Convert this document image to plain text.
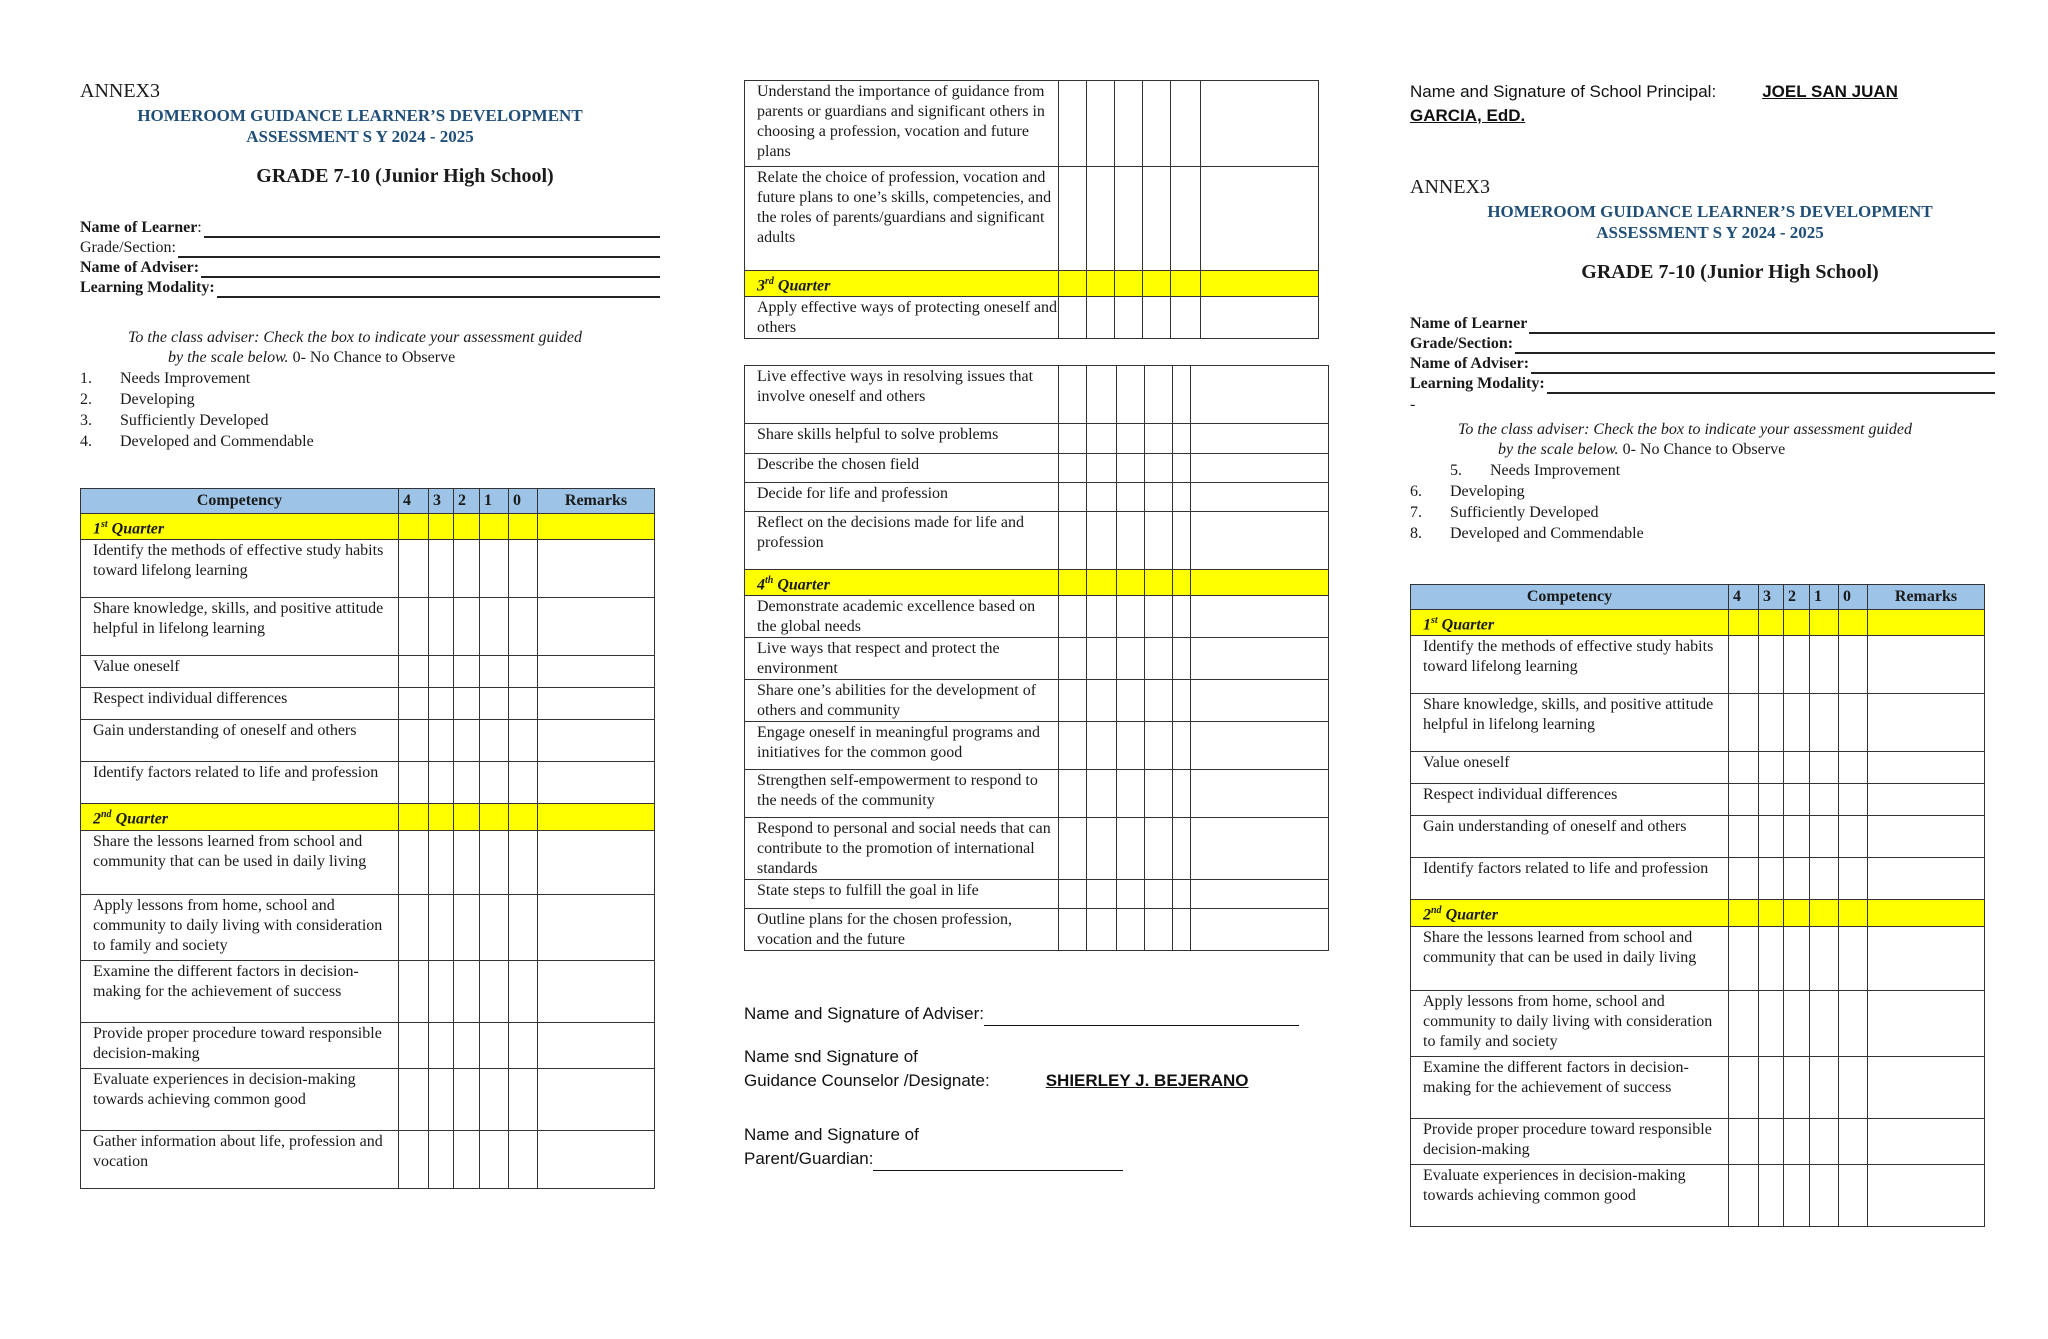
ANNEX3
HOMEROOM GUIDANCE LEARNER’S DEVELOPMENT
ASSESSMENT S Y 2024 - 2025
GRADE 7-10 (Junior High School)
Name of Learner :
Grade/Section:
Name of Adviser:
Learning Modality:
To the class adviser: Check the box to indicate your assessment guided
by the scale below. 0- No Chance to Observe
1.	Needs Improvement
2.	Developing
3.	Sufficiently Developed
4.	Developed and Commendable
Competency	4	3	2	1	0	Remarks
1st Quarter						
Identify the methods of effective study habits toward lifelong learning						
Share knowledge, skills, and positive attitude helpful in lifelong learning						
Value oneself						
Respect individual differences						
Gain understanding of oneself and others						
Identify factors related to life and profession						
2nd Quarter						
Share the lessons learned from school and community that can be used in daily living						
Apply lessons from home, school and community to daily living with consideration to family and society						
Examine the different factors in decision-making for the achievement of success						
Provide proper procedure toward responsible decision-making						
Evaluate experiences in decision-making towards achieving common good						
Gather information about life, profession and vocation						
Understand the importance of guidance from parents or guardians and significant others in choosing a profession, vocation and future plans						
Relate the choice of profession, vocation and future plans to one’s skills, competencies, and the roles of parents/guardians and significant adults						
3rd Quarter						
Apply effective ways of protecting oneself and others						
Live effective ways in resolving issues that involve oneself and others						
Share skills helpful to solve problems						
Describe the chosen field						
Decide for life and profession						
Reflect on the decisions made for life and profession						
4th Quarter						
Demonstrate academic excellence based on the global needs						
Live ways that respect and protect the environment						
Share one’s abilities for the development of others and community						
Engage oneself in meaningful programs and initiatives for the common good						
Strengthen self-empowerment to respond to the needs of the community						
Respond to personal and social needs that can contribute to the promotion of international standards						
State steps to fulfill the goal in life						
Outline plans for the chosen profession, vocation and the future						
Name and Signature of Adviser:
Name snd Signature of
Guidance Counselor /Designate:	SHIERLEY J. BEJERANO
Name and Signature of
Parent/Guardian:
Name and Signature of School Principal:	JOEL SAN JUAN
GARCIA, EdD.
ANNEX3
HOMEROOM GUIDANCE LEARNER’S DEVELOPMENT
ASSESSMENT S Y 2024 - 2025
GRADE 7-10 (Junior High School)
Name of Learner
Grade/Section:
Name of Adviser:
Learning Modality:
-
To the class adviser: Check the box to indicate your assessment guided
by the scale below. 0- No Chance to Observe
5.	Needs Improvement
6.	Developing
7.	Sufficiently Developed
8.	Developed and Commendable
Competency	4	3	2	1	0	Remarks
1st Quarter						
Identify the methods of effective study habits toward lifelong learning						
Share knowledge, skills, and positive attitude helpful in lifelong learning						
Value oneself						
Respect individual differences						
Gain understanding of oneself and others						
Identify factors related to life and profession						
2nd Quarter						
Share the lessons learned from school and community that can be used in daily living						
Apply lessons from home, school and community to daily living with consideration to family and society						
Examine the different factors in decision-making for the achievement of success						
Provide proper procedure toward responsible decision-making						
Evaluate experiences in decision-making towards achieving common good						
